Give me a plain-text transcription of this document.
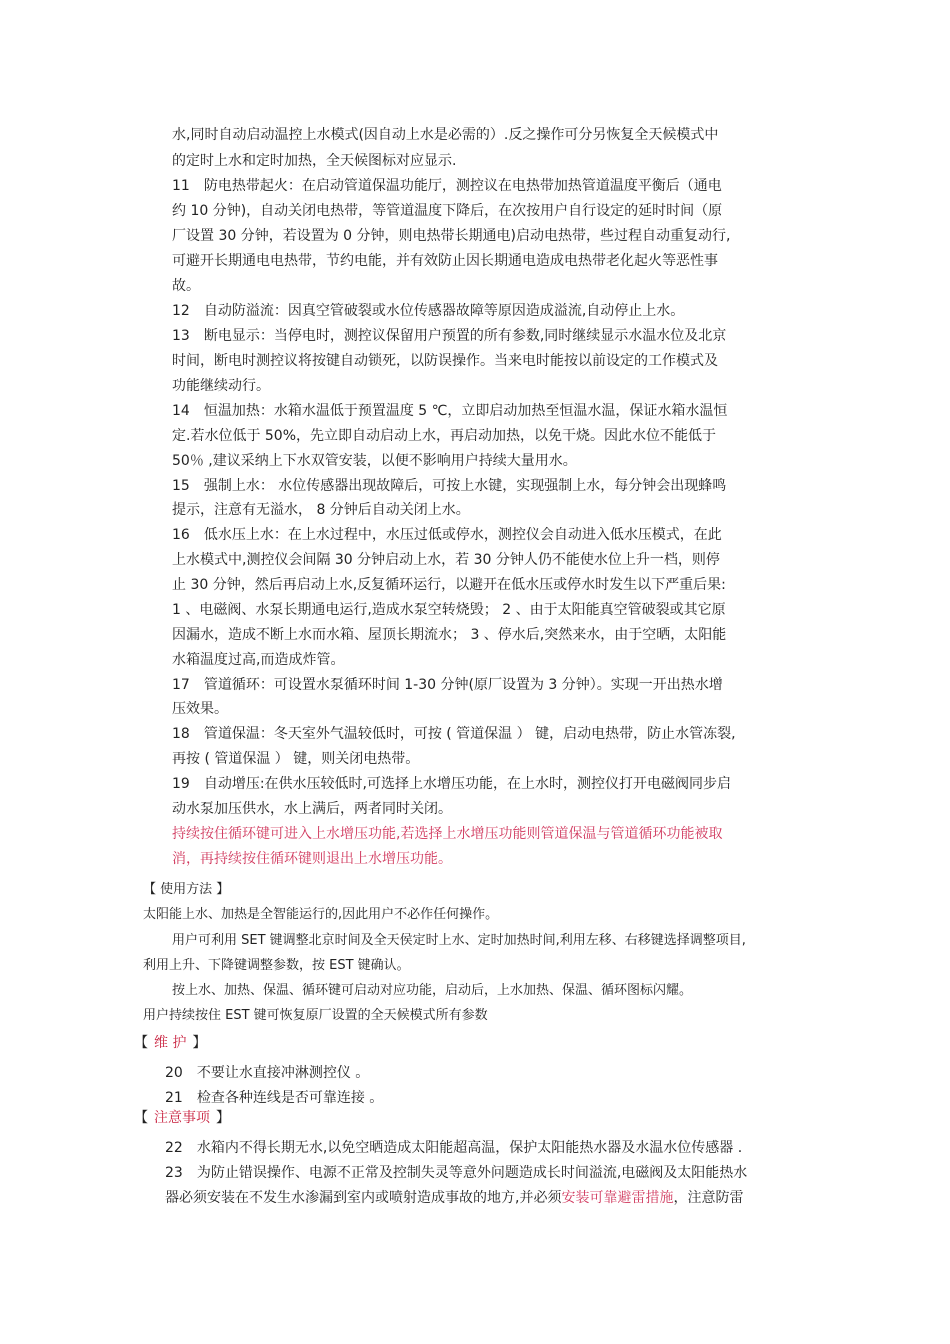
水,同时自动启动温控上水模式(因自动上水是必需的）.反之操作可分另恢复全天候模式中
的定时上水和定时加热，全天候图标对应显示.
11　防电热带起火：在启动管道保温功能厅，测控议在电热带加热管道温度平衡后（通电
约 10 分钟)，自动关闭电热带，等管道温度下降后，在次按用户自行设定的延时时间（原
厂设置 30 分钟，若设置为 0 分钟，则电热带长期通电)启动电热带，些过程自动重复动行,
可避开长期通电电热带，节约电能，并有效防止因长期通电造成电热带老化起火等恶性事
故。
12　自动防溢流：因真空管破裂或水位传感器故障等原因造成溢流,自动停止上水。
13　断电显示：当停电时，测控议保留用户预置的所有参数,同时继续显示水温水位及北京
时间，断电时测控议将按键自动锁死，以防误操作。当来电时能按以前设定的工作模式及
功能继续动行。
14　恒温加热：水箱水温低于预置温度 5 ℃，立即启动加热至恒温水温，保证水箱水温恒
定.若水位低于 50%，先立即自动启动上水，再启动加热，以免干烧。因此水位不能低于
50％ ,建议采纳上下水双管安装，以便不影响用户持续大量用水。
15　强制上水： 水位传感器出现故障后，可按上水键，实现强制上水，每分钟会出现蜂鸣
提示，注意有无溢水， 8 分钟后自动关闭上水。
16　低水压上水：在上水过程中，水压过低或停水，测控仪会自动进入低水压模式，在此
上水模式中,测控仪会间隔 30 分钟启动上水，若 30 分钟人仍不能使水位上升一档，则停
止 30 分钟，然后再启动上水,反复循环运行，以避开在低水压或停水时发生以下严重后果:
1 、电磁阀、水泵长期通电运行,造成水泵空转烧毁； 2 、由于太阳能真空管破裂或其它原
因漏水，造成不断上水而水箱、屋顶长期流水； 3 、停水后,突然来水，由于空晒，太阳能
水箱温度过高,而造成炸管。
17　管道循环：可设置水泵循环时间 1-30 分钟(原厂设置为 3 分钟）。实现一开出热水增
压效果。
18　管道保温：冬天室外气温较低时，可按 ( 管道保温 ） 键，启动电热带，防止水管冻裂,
再按 ( 管道保温 ） 键，则关闭电热带。
19　自动增压:在供水压较低时,可选择上水增压功能，在上水时，测控仪打开电磁阀同步启
动水泵加压供水，水上满后，两者同时关闭。
持续按住循环键可进入上水增压功能,若选择上水增压功能则管道保温与管道循环功能被取
消，再持续按住循环键则退出上水增压功能。
【 使用方法 】
太阳能上水、加热是全智能运行的,因此用户不必作任何操作。
用户可利用 SET 键调整北京时间及全天侯定时上水、定时加热时间,利用左移、右移键选择调整项目,
利用上升、下降键调整参数，按 EST 键确认。
按上水、加热、保温、循环键可启动对应功能，启动后，上水加热、保温、循环图标闪耀。
用户持续按住 EST 键可恢复原厂设置的全天候模式所有参数
【 维 护 】
20　不要让水直接冲淋测控仪 。
21　检查各种连线是否可靠连接 。
【 注意事项 】
22　水箱内不得长期无水,以免空晒造成太阳能超高温，保护太阳能热水器及水温水位传感器 .
23　为防止错误操作、电源不正常及控制失灵等意外问题造成长时间溢流,电磁阀及太阳能热水
器必须安装在不发生水渗漏到室内或喷射造成事故的地方,并必须安装可靠避雷措施，注意防雷
